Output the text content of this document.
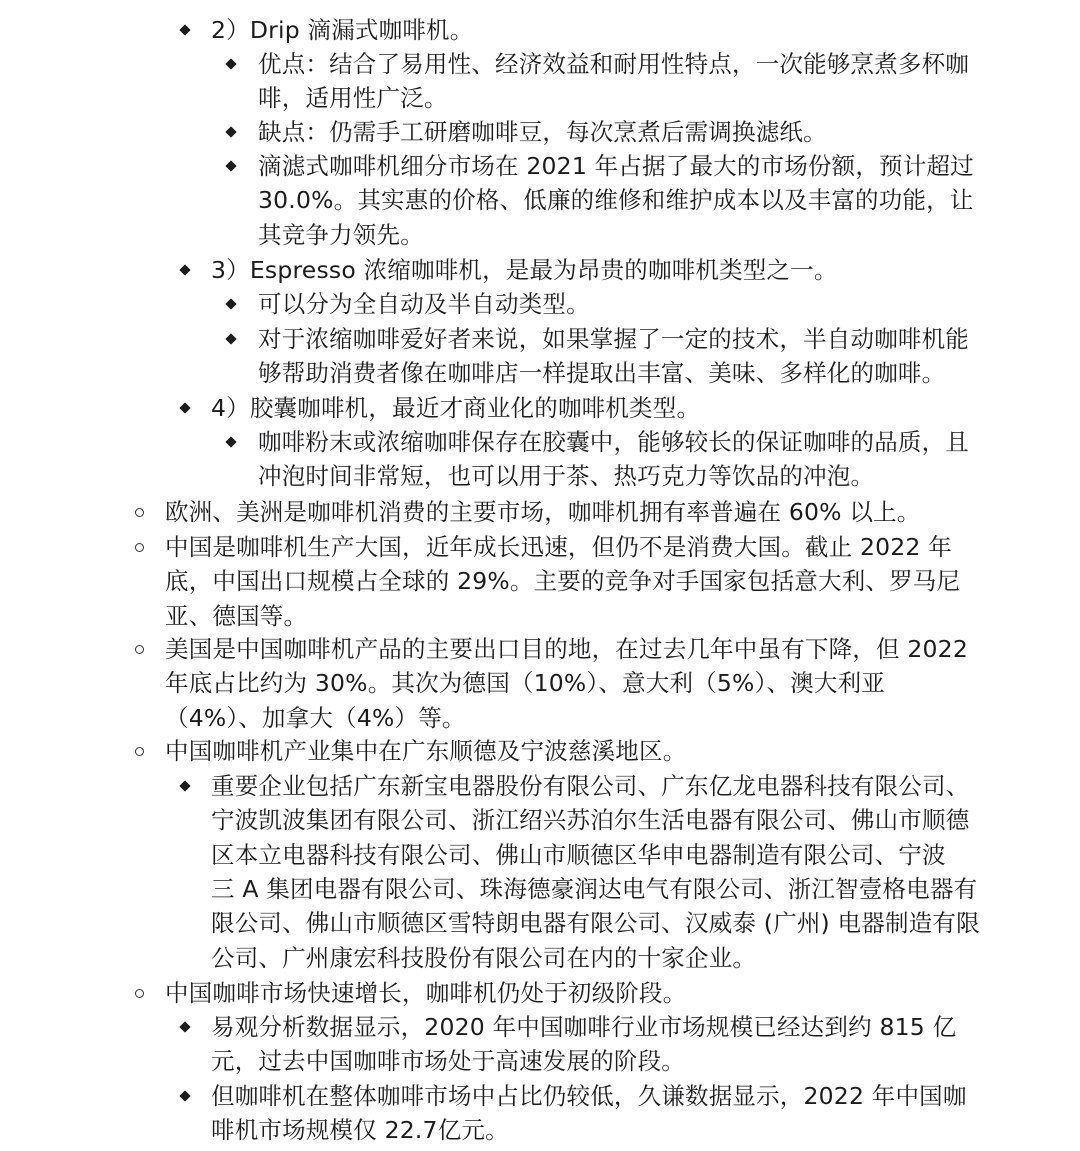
2）Drip 滴漏式咖啡机。
优点：结合了易用性、经济效益和耐用性特点，一次能够烹煮多杯咖
啡，适用性广泛。
缺点：仍需手工研磨咖啡豆，每次烹煮后需调换滤纸。
滴滤式咖啡机细分市场在 2021 年占据了最大的市场份额，预计超过
30.0%。其实惠的价格、低廉的维修和维护成本以及丰富的功能，让
其竞争力领先。
3）Espresso 浓缩咖啡机，是最为昂贵的咖啡机类型之一。
可以分为全自动及半自动类型。
对于浓缩咖啡爱好者来说，如果掌握了一定的技术，半自动咖啡机能
够帮助消费者像在咖啡店一样提取出丰富、美味、多样化的咖啡。
4）胶囊咖啡机，最近才商业化的咖啡机类型。
咖啡粉末或浓缩咖啡保存在胶囊中，能够较长的保证咖啡的品质，且
冲泡时间非常短，也可以用于茶、热巧克力等饮品的冲泡。
欧洲、美洲是咖啡机消费的主要市场，咖啡机拥有率普遍在 60% 以上。
中国是咖啡机生产大国，近年成长迅速，但仍不是消费大国。截止 2022 年
底，中国出口规模占全球的 29%。主要的竞争对手国家包括意大利、罗马尼
亚、德国等。
美国是中国咖啡机产品的主要出口目的地，在过去几年中虽有下降，但 2022
年底占比约为 30%。其次为德国（10%）、意大利（5%）、澳大利亚
（4%）、加拿大（4%）等。
中国咖啡机产业集中在广东顺德及宁波慈溪地区。
重要企业包括广东新宝电器股份有限公司、广东亿龙电器科技有限公司、
宁波凯波集团有限公司、浙江绍兴苏泊尔生活电器有限公司、佛山市顺德
区本立电器科技有限公司、佛山市顺德区华申电器制造有限公司、宁波
三 A 集团电器有限公司、珠海德豪润达电气有限公司、浙江智壹格电器有
限公司、佛山市顺德区雪特朗电器有限公司、汉威泰 (广州) 电器制造有限
公司、广州康宏科技股份有限公司在内的十家企业。
中国咖啡市场快速增长，咖啡机仍处于初级阶段。
易观分析数据显示，2020 年中国咖啡行业市场规模已经达到约 815 亿
元，过去中国咖啡市场处于高速发展的阶段。
但咖啡机在整体咖啡市场中占比仍较低，久谦数据显示，2022 年中国咖
啡机市场规模仅 22.7亿元。
